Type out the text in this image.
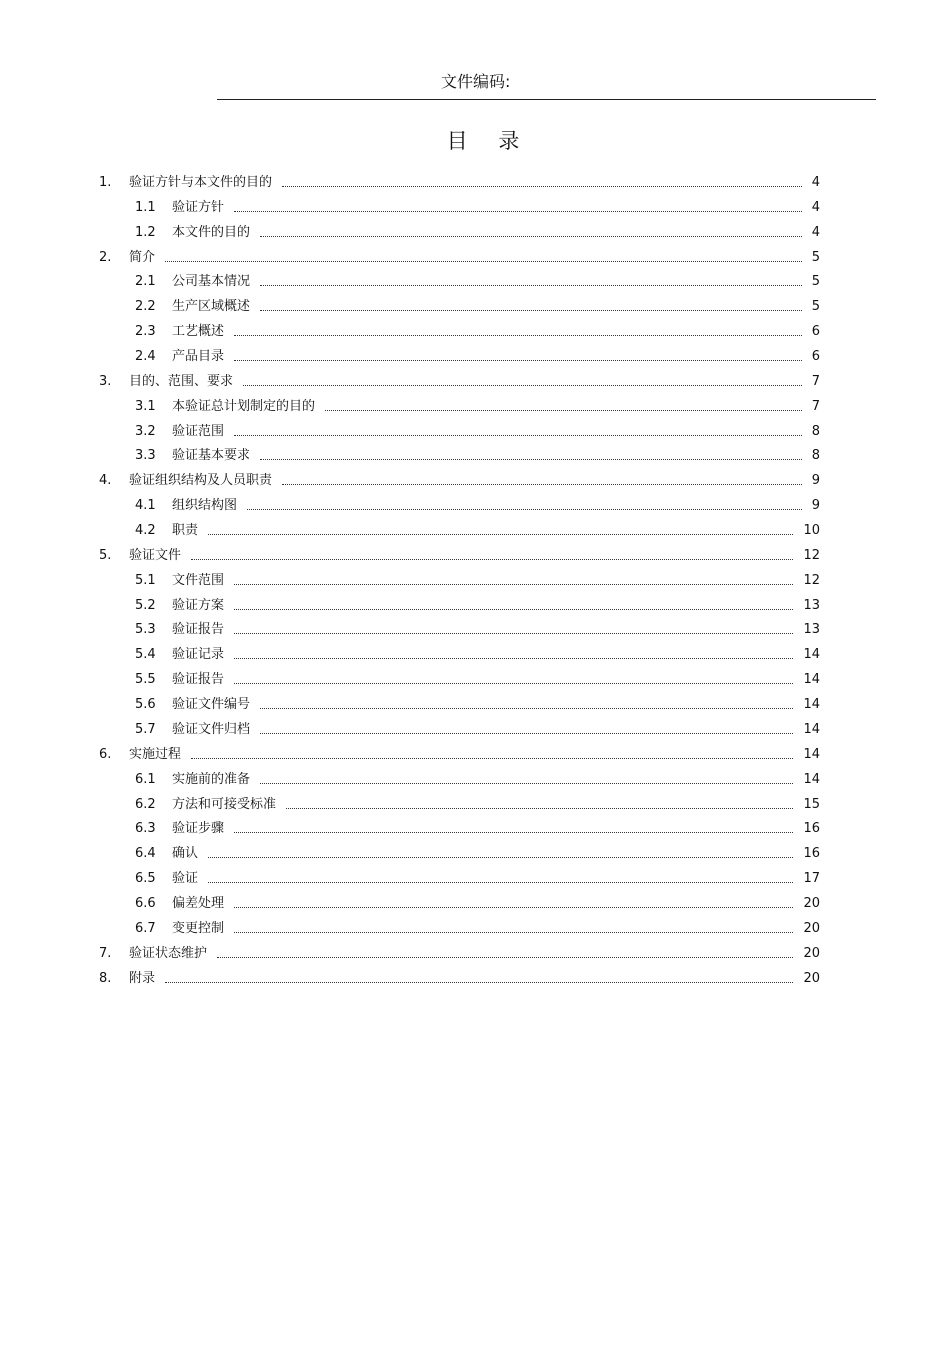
文件编码:
目 录
1. 验证方针与本文件的目的	4
1.1 验证方针	4
1.2 本文件的目的	4
2. 简介	5
2.1 公司基本情况	5
2.2 生产区域概述	5
2.3 工艺概述	6
2.4 产品目录	6
3. 目的、范围、要求	7
3.1 本验证总计划制定的目的	7
3.2 验证范围	8
3.3 验证基本要求	8
4. 验证组织结构及人员职责	9
4.1 组织结构图	9
4.2 职责	10
5. 验证文件	12
5.1 文件范围	12
5.2 验证方案	13
5.3 验证报告	13
5.4 验证记录	14
5.5 验证报告	14
5.6 验证文件编号	14
5.7 验证文件归档	14
6. 实施过程	14
6.1 实施前的准备	14
6.2 方法和可接受标准	15
6.3 验证步骤	16
6.4 确认	16
6.5 验证	17
6.6 偏差处理	20
6.7 变更控制	20
7. 验证状态维护	20
8. 附录	20
